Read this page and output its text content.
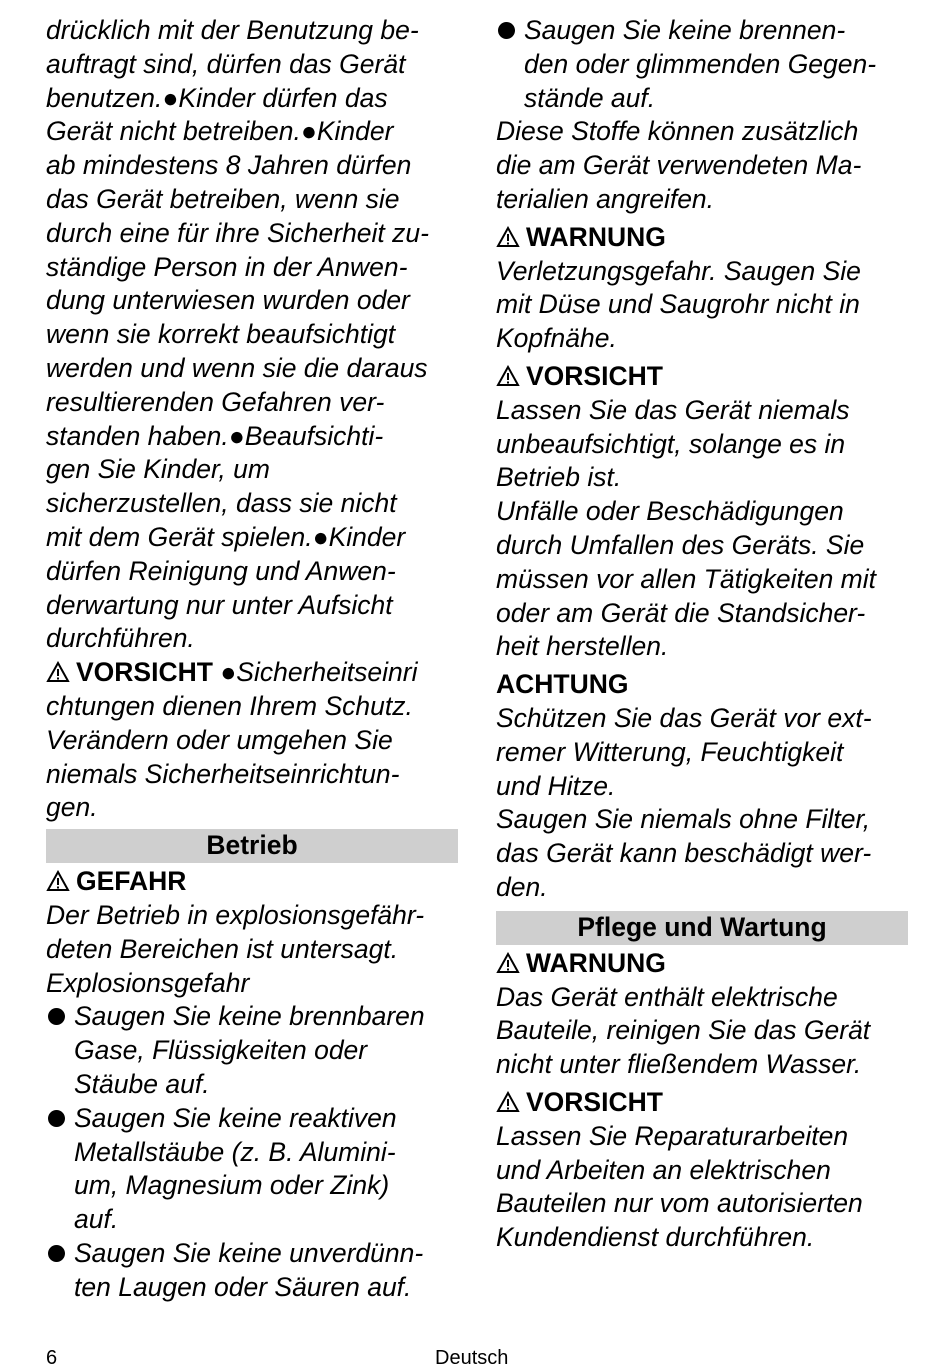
drücklich mit der Benutzung be-
auftragt sind, dürfen das Gerät
benutzen.●Kinder dürfen das
Gerät nicht betreiben.●Kinder
ab mindestens 8 Jahren dürfen
das Gerät betreiben, wenn sie
durch eine für ihre Sicherheit zu-
ständige Person in der Anwen-
dung unterwiesen wurden oder
wenn sie korrekt beaufsichtigt
werden und wenn sie die daraus
resultierenden Gefahren ver-
standen haben.●Beaufsichti-
gen Sie Kinder, um
sicherzustellen, dass sie nicht
mit dem Gerät spielen.●Kinder
dürfen Reinigung und Anwen-
derwartung nur unter Aufsicht
durchführen.
VORSICHT ●Sicherheitseinri
chtungen dienen Ihrem Schutz.
Verändern oder umgehen Sie
niemals Sicherheitseinrichtun-
gen.
Betrieb
GEFAHR
Der Betrieb in explosionsgefähr-
deten Bereichen ist untersagt.
Explosionsgefahr
Saugen Sie keine brennbaren
Gase, Flüssigkeiten oder
Stäube auf.
Saugen Sie keine reaktiven
Metallstäube (z. B. Alumini-
um, Magnesium oder Zink)
auf.
Saugen Sie keine unverdünn-
ten Laugen oder Säuren auf.
Saugen Sie keine brennen-
den oder glimmenden Gegen-
stände auf.
Diese Stoffe können zusätzlich
die am Gerät verwendeten Ma-
terialien angreifen.
WARNUNG
Verletzungsgefahr. Saugen Sie
mit Düse und Saugrohr nicht in
Kopfnähe.
VORSICHT
Lassen Sie das Gerät niemals
unbeaufsichtigt, solange es in
Betrieb ist.
Unfälle oder Beschädigungen
durch Umfallen des Geräts. Sie
müssen vor allen Tätigkeiten mit
oder am Gerät die Standsicher-
heit herstellen.
ACHTUNG
Schützen Sie das Gerät vor ext-
remer Witterung, Feuchtigkeit
und Hitze.
Saugen Sie niemals ohne Filter,
das Gerät kann beschädigt wer-
den.
Pflege und Wartung
WARNUNG
Das Gerät enthält elektrische
Bauteile, reinigen Sie das Gerät
nicht unter fließendem Wasser.
VORSICHT
Lassen Sie Reparaturarbeiten
und Arbeiten an elektrischen
Bauteilen nur vom autorisierten
Kundendienst durchführen.
6	Deutsch
